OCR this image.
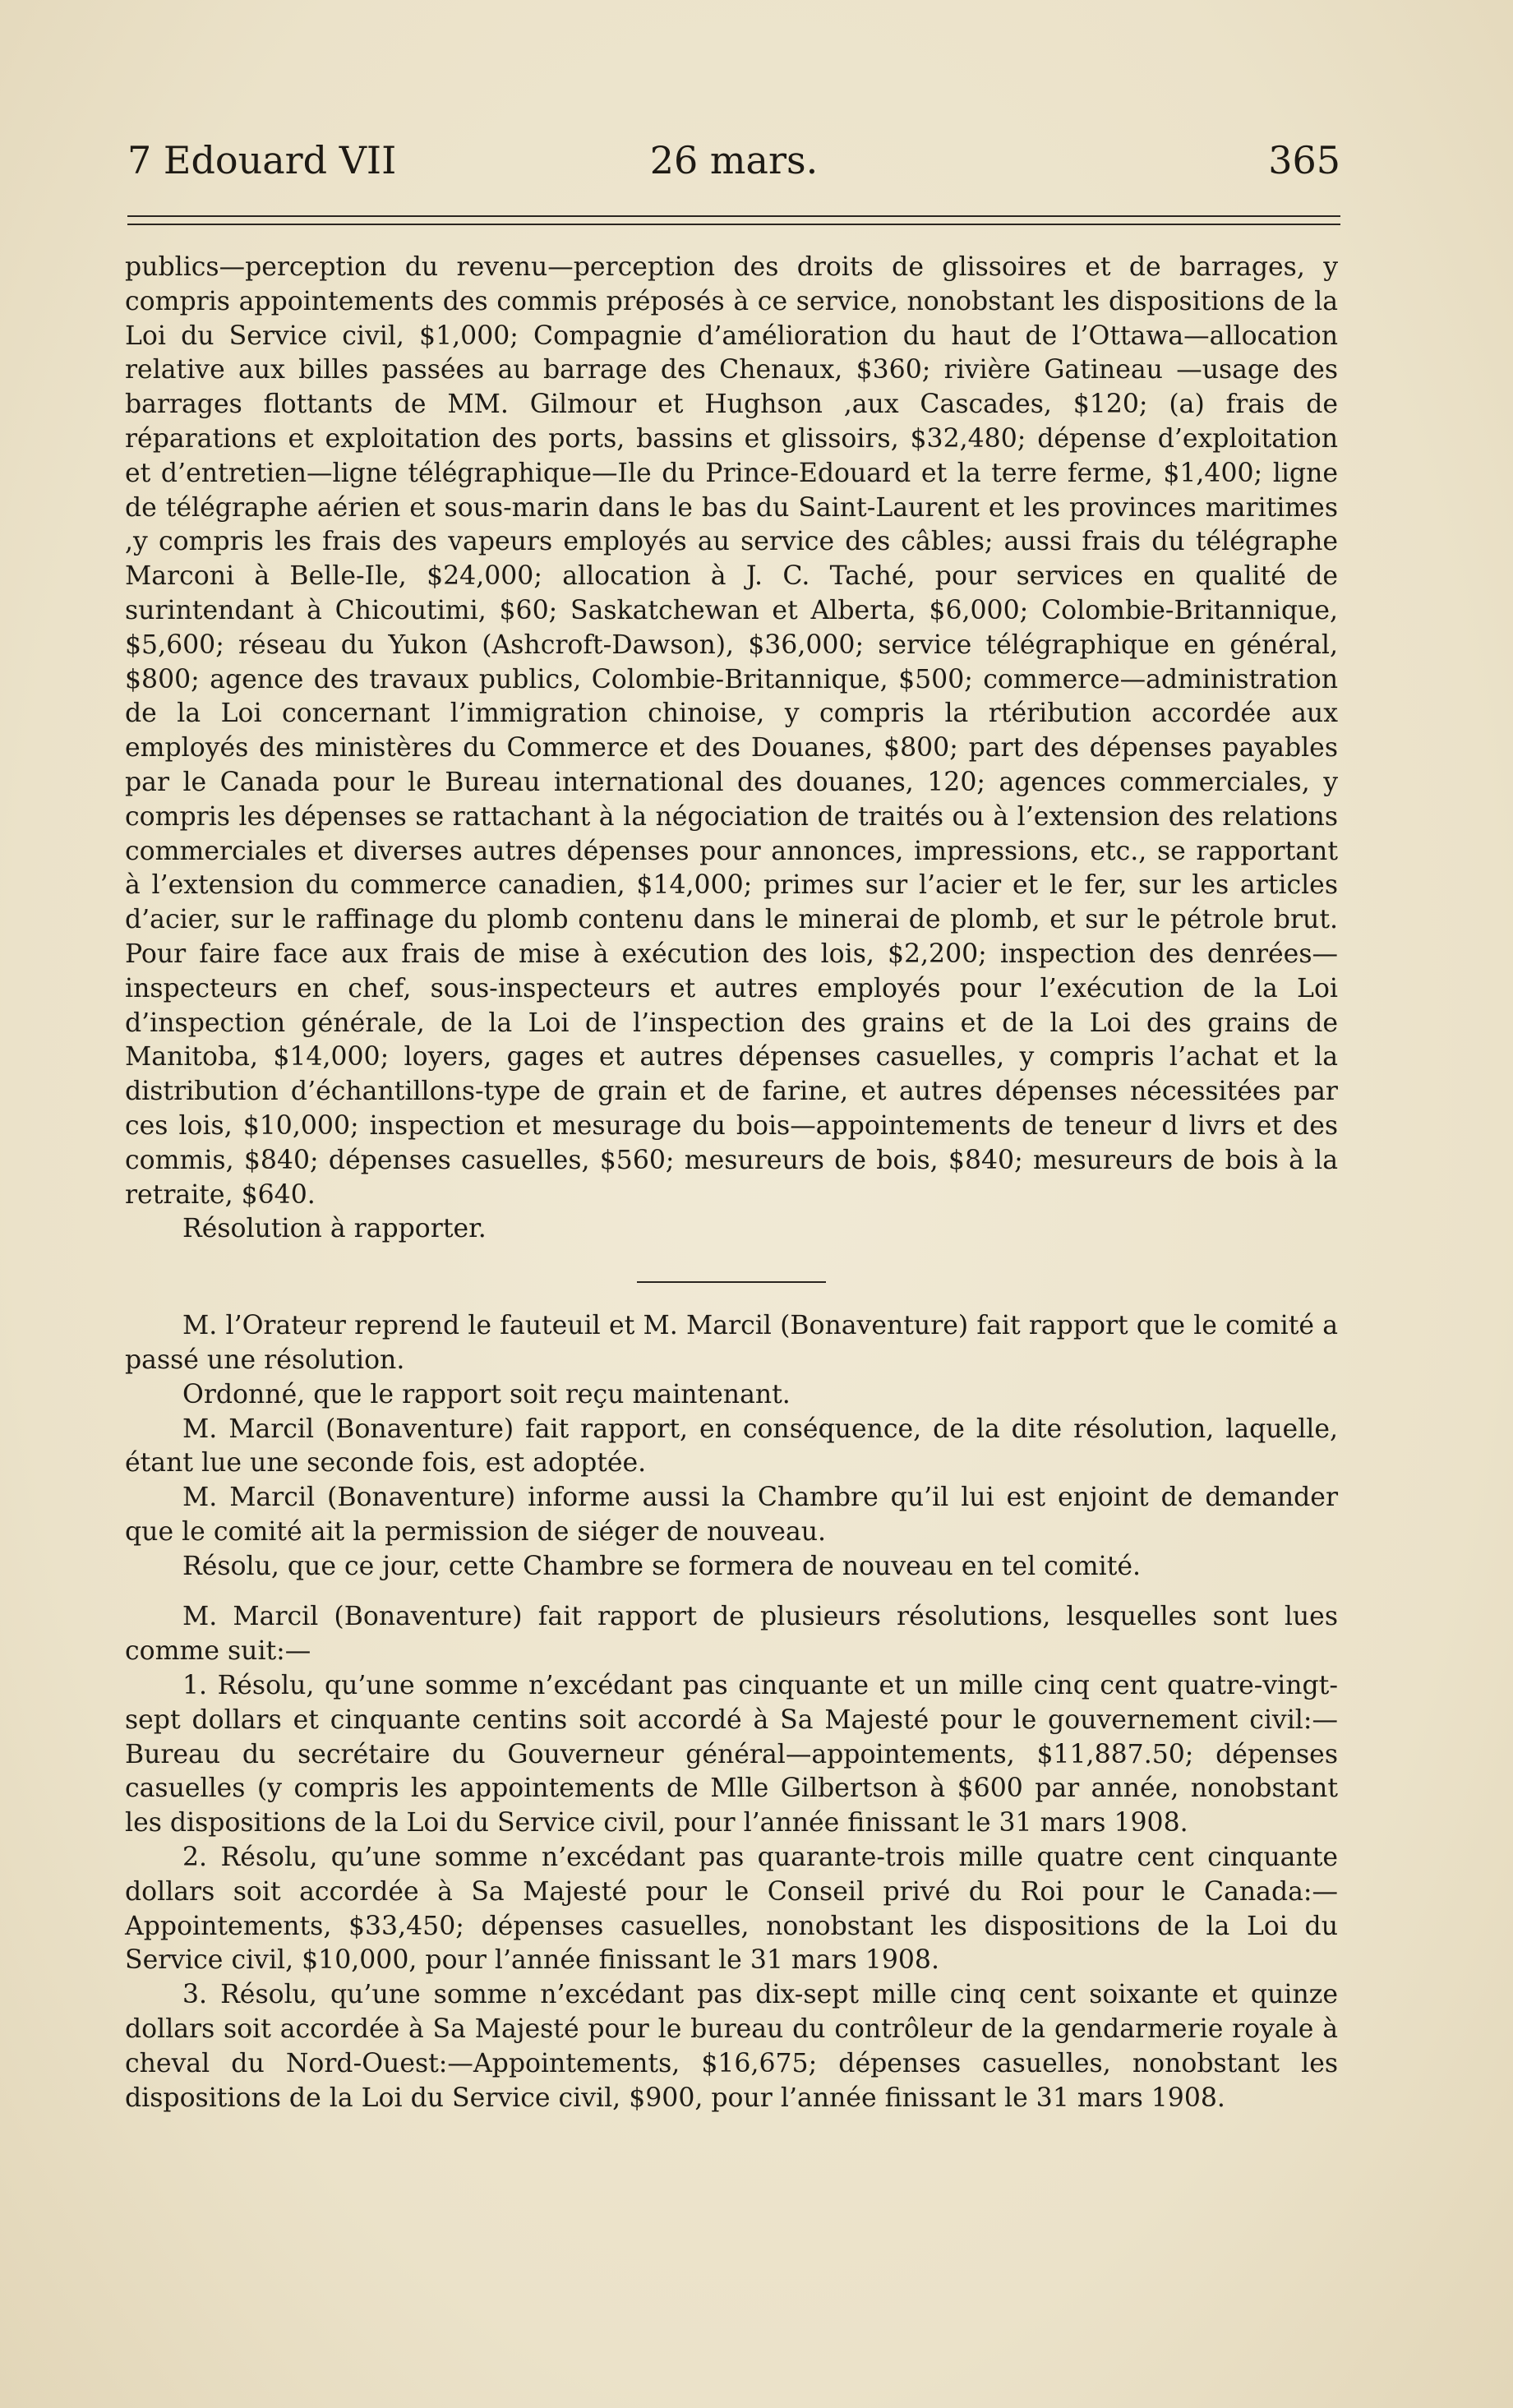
7 Edouard VII	26 mars.	365

publics—perception du revenu—perception des droits de glissoires et de barrages, y compris appointements des commis préposés à ce service, nonobstant les dispositions de la Loi du Service civil, $1,000; Compagnie d’amélioration du haut de l’Ottawa—allocation relative aux billes passées au barrage des Chenaux, $360; rivière Gatineau —usage des barrages flottants de MM. Gilmour et Hughson ,aux Cascades, $120; (a) frais de réparations et exploitation des ports, bassins et glissoirs, $32,480; dépense d’exploitation et d’entretien—ligne télégraphique—Ile du Prince-Edouard et la terre ferme, $1,400; ligne de télégraphe aérien et sous-marin dans le bas du Saint-Laurent et les provinces maritimes ,y compris les frais des vapeurs employés au service des câbles; aussi frais du télégraphe Marconi à Belle-Ile, $24,000; allocation à J. C. Taché, pour services en qualité de surintendant à Chicoutimi, $60; Saskatchewan et Alberta, $6,000; Colombie-Britannique, $5,600; réseau du Yukon (Ashcroft-Dawson), $36,000; service télégraphique en général, $800; agence des travaux publics, Colombie-Britannique, $500; commerce—administration de la Loi concernant l’immigration chinoise, y compris la rtéribution accordée aux employés des ministères du Commerce et des Douanes, $800; part des dépenses payables par le Canada pour le Bureau international des douanes, 120; agences commerciales, y compris les dépenses se rattachant à la négociation de traités ou à l’extension des relations commerciales et diverses autres dépenses pour annonces, impressions, etc., se rapportant à l’extension du commerce canadien, $14,000; primes sur l’acier et le fer, sur les articles d’acier, sur le raffinage du plomb contenu dans le minerai de plomb, et sur le pétrole brut. Pour faire face aux frais de mise à exécution des lois, $2,200; inspection des denrées—inspecteurs en chef, sous-inspecteurs et autres employés pour l’exécution de la Loi d’inspection générale, de la Loi de l’inspection des grains et de la Loi des grains de Manitoba, $14,000; loyers, gages et autres dépenses casuelles, y compris l’achat et la distribution d’échantillons-type de grain et de farine, et autres dépenses nécessitées par ces lois, $10,000; inspection et mesurage du bois—appointements de teneur d livrs et des commis, $840; dépenses casuelles, $560; mesureurs de bois, $840; mesureurs de bois à la retraite, $640.

Résolution à rapporter.

M. l’Orateur reprend le fauteuil et M. Marcil (Bonaventure) fait rapport que le comité a passé une résolution.

Ordonné, que le rapport soit reçu maintenant.

M. Marcil (Bonaventure) fait rapport, en conséquence, de la dite résolution, laquelle, étant lue une seconde fois, est adoptée.

M. Marcil (Bonaventure) informe aussi la Chambre qu’il lui est enjoint de demander que le comité ait la permission de siéger de nouveau.

Résolu, que ce jour, cette Chambre se formera de nouveau en tel comité.

M. Marcil (Bonaventure) fait rapport de plusieurs résolutions, lesquelles sont lues comme suit:—

1. Résolu, qu’une somme n’excédant pas cinquante et un mille cinq cent quatre-vingt-sept dollars et cinquante centins soit accordé à Sa Majesté pour le gouvernement civil:—Bureau du secrétaire du Gouverneur général—appointements, $11,887.50; dépenses casuelles (y compris les appointements de Mlle Gilbertson à $600 par année, nonobstant les dispositions de la Loi du Service civil, pour l’année finissant le 31 mars 1908.

2. Résolu, qu’une somme n’excédant pas quarante-trois mille quatre cent cinquante dollars soit accordée à Sa Majesté pour le Conseil privé du Roi pour le Canada:—Appointements, $33,450; dépenses casuelles, nonobstant les dispositions de la Loi du Service civil, $10,000, pour l’année finissant le 31 mars 1908.

3. Résolu, qu’une somme n’excédant pas dix-sept mille cinq cent soixante et quinze dollars soit accordée à Sa Majesté pour le bureau du contrôleur de la gendarmerie royale à cheval du Nord-Ouest:—Appointements, $16,675; dépenses casuelles, nonobstant les dispositions de la Loi du Service civil, $900, pour l’année finissant le 31 mars 1908.
